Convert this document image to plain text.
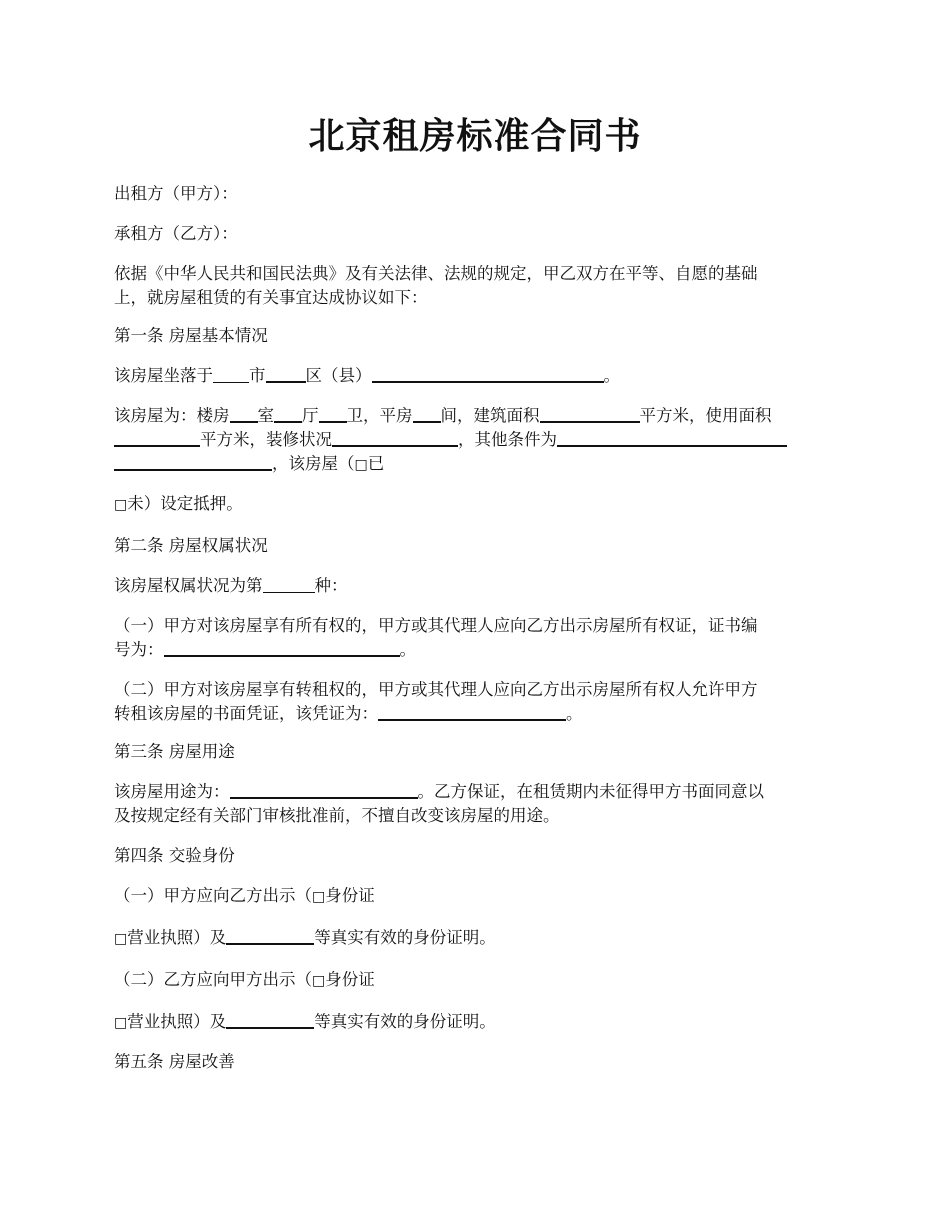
北京租房标准合同书

出租方（甲方）：

承租方（乙方）：

依据《中华人民共和国民法典》及有关法律、法规的规定，甲乙双方在平等、自愿的基础

上，就房屋租赁的有关事宜达成协议如下：

第一条 房屋基本情况

该房屋坐落于 市 区（县）	。

该房屋为：楼房 室 厅 卫，平房 间，建筑面积	平方米，使用面积

平方米，装修状况	，其他条件为

，该房屋（□已

□未）设定抵押。

第二条 房屋权属状况

该房屋权属状况为第	种：

（一）甲方对该房屋享有所有权的，甲方或其代理人应向乙方出示房屋所有权证，证书编

号为：	。

（二）甲方对该房屋享有转租权的，甲方或其代理人应向乙方出示房屋所有权人允许甲方

转租该房屋的书面凭证，该凭证为：	。

第三条 房屋用途

该房屋用途为：	。乙方保证，在租赁期内未征得甲方书面同意以

及按规定经有关部门审核批准前，不擅自改变该房屋的用途。

第四条 交验身份

（一）甲方应向乙方出示（□身份证

□营业执照）及	等真实有效的身份证明。

（二）乙方应向甲方出示（□身份证

□营业执照）及	等真实有效的身份证明。

第五条 房屋改善
